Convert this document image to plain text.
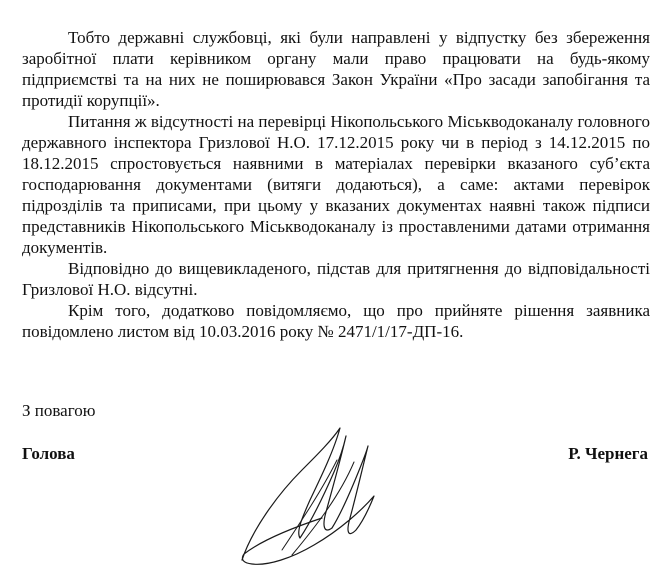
Тобто державні службовці, які були направлені у відпустку без збереження заробітної плати керівником органу мали право працювати на будь-якому підприємстві та на них не поширювався Закон України «Про засади запобігання та протидії корупції».

Питання ж відсутності на перевірці Нікопольського Міськводоканалу головного державного інспектора Гризлової Н.О. 17.12.2015 року чи в період з 14.12.2015 по 18.12.2015 спростовується наявними в матеріалах перевірки вказаного суб’єкта господарювання документами (витяги додаються), а саме: актами перевірок підрозділів та приписами, при цьому у вказаних документах наявні також підписи представників Нікопольського Міськводоканалу із проставленими датами отримання документів.

Відповідно до вищевикладеного, підстав для притягнення до відповідальності Гризлової Н.О. відсутні.

Крім того, додатково повідомляємо, що про прийняте рішення заявника повідомлено листом від 10.03.2016 року № 2471/1/17-ДП-16.

З повагою
Голова	Р. Чернега
